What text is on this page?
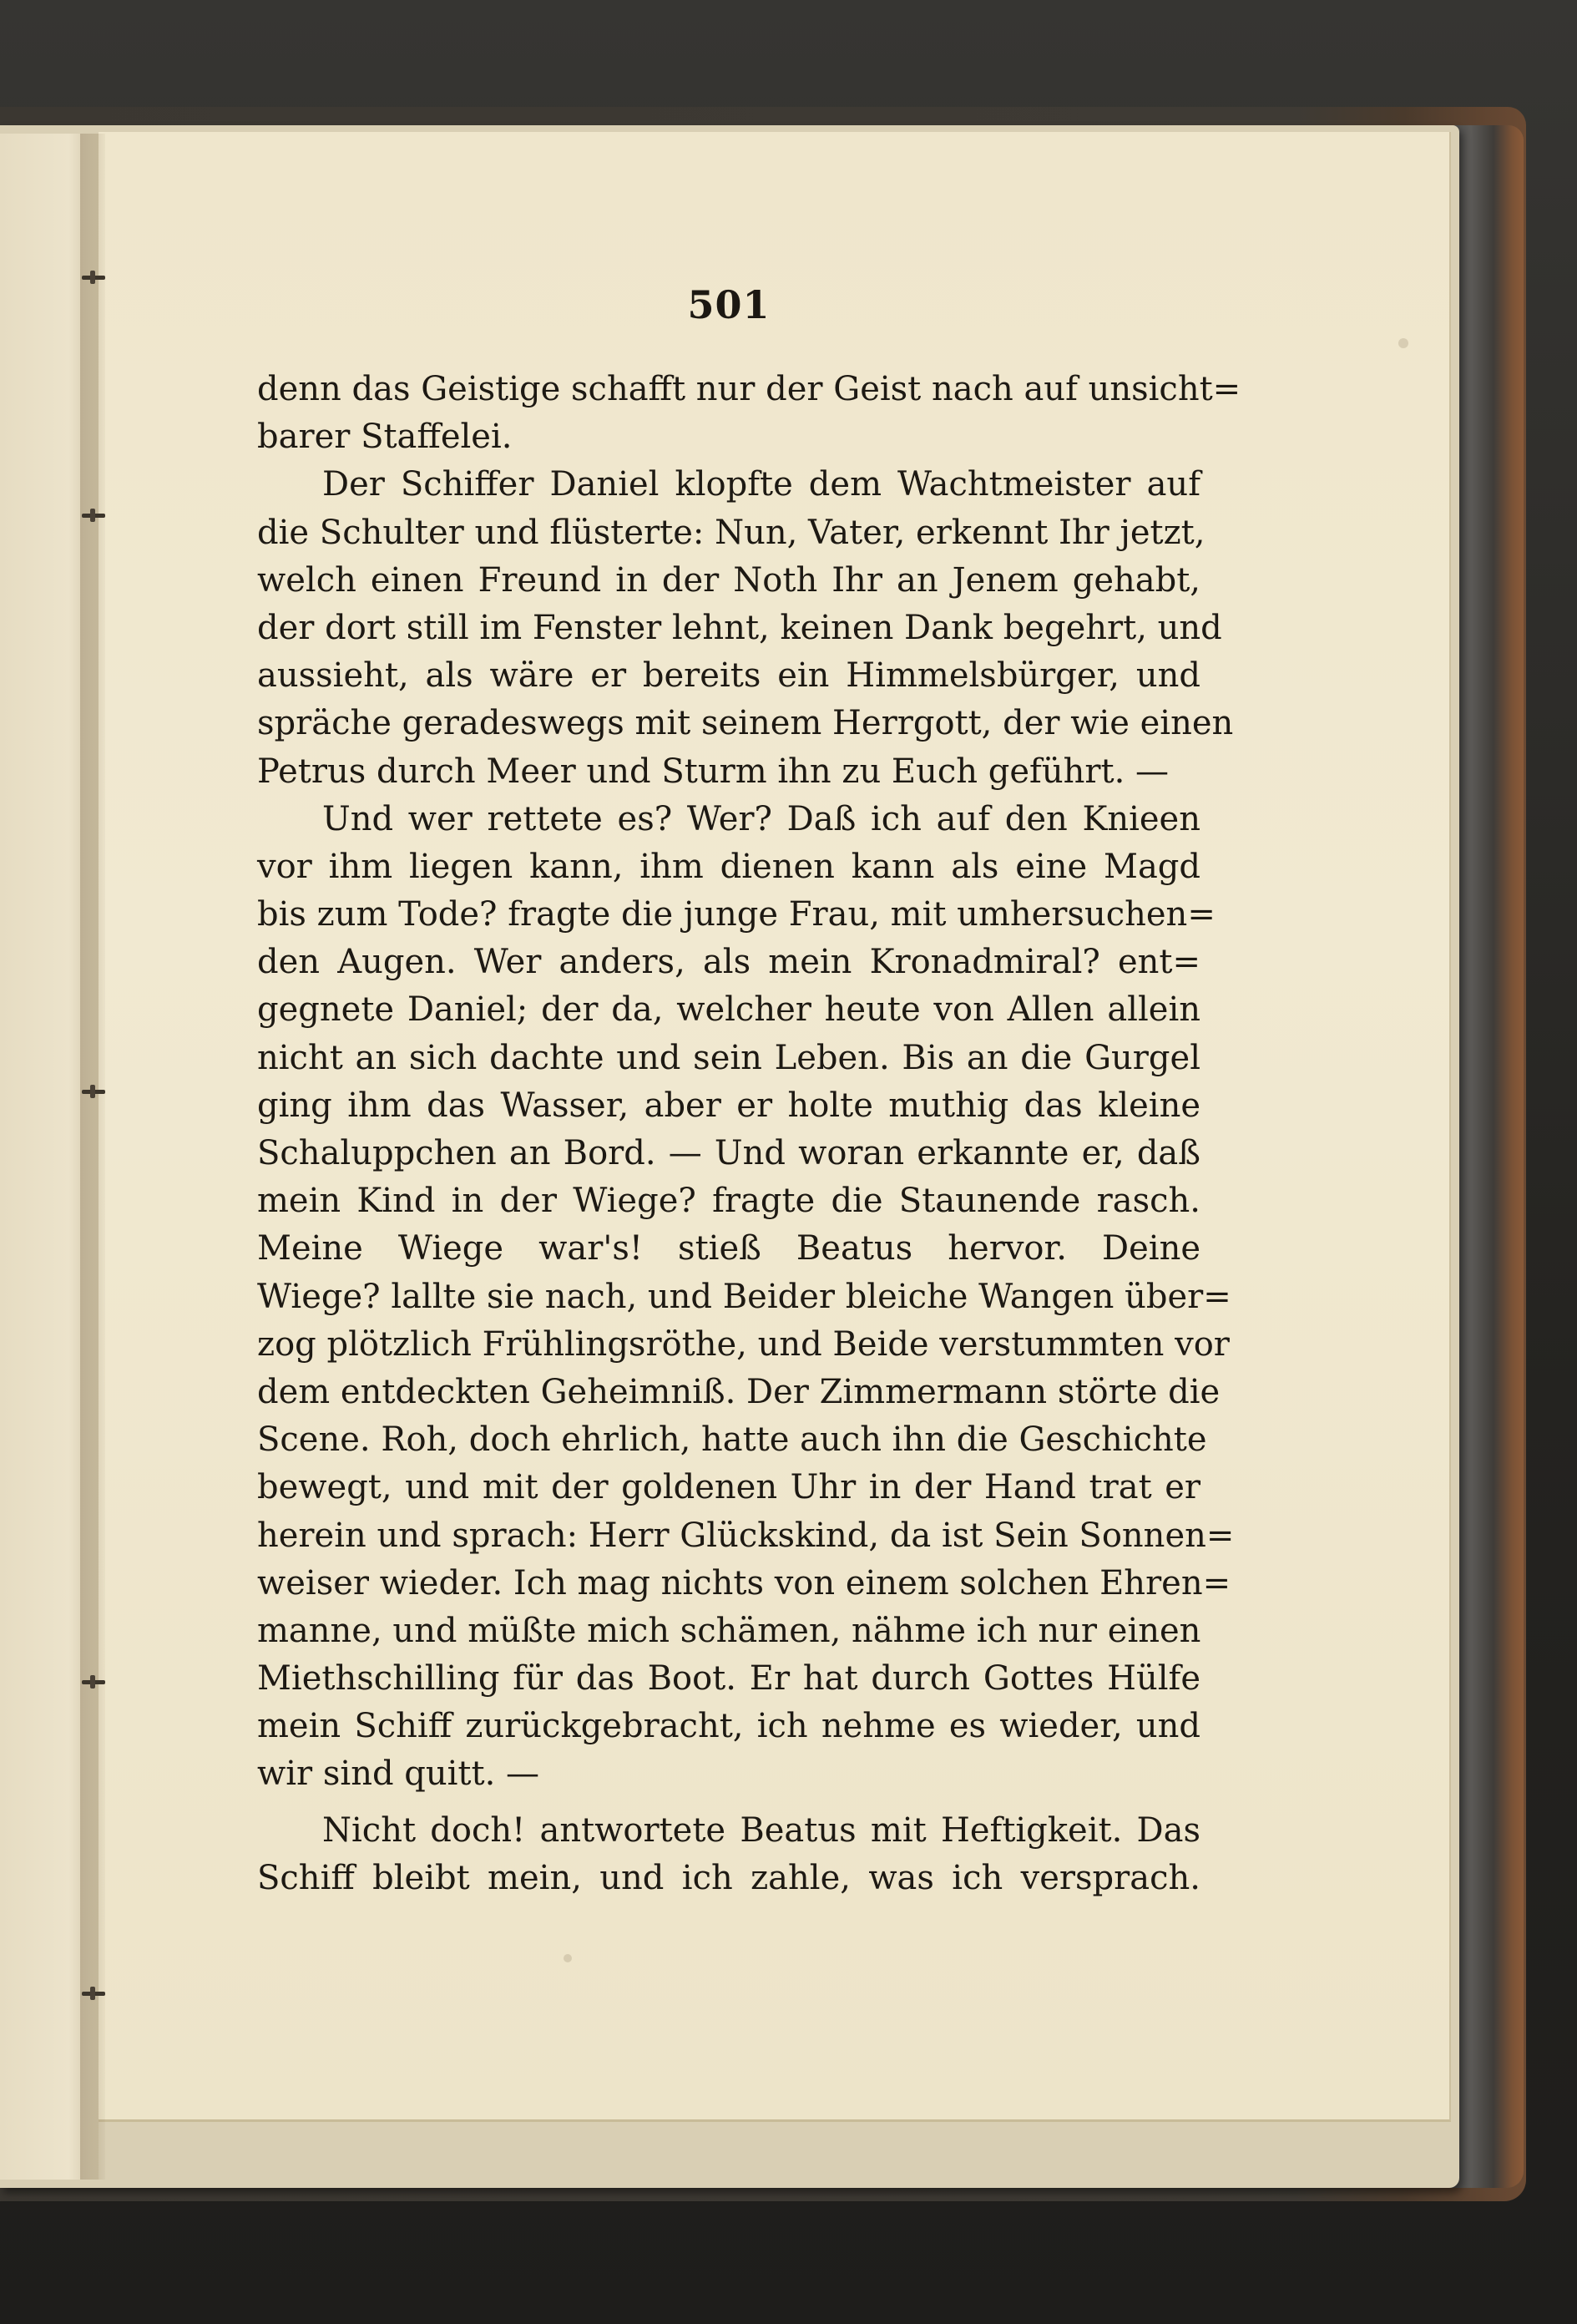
501
denn das Geistige schafft nur der Geist nach auf unsicht=
barer Staffelei.
Der Schiffer Daniel klopfte dem Wachtmeister auf
die Schulter und flüsterte: Nun, Vater, erkennt Ihr jetzt,
welch einen Freund in der Noth Ihr an Jenem gehabt,
der dort still im Fenster lehnt, keinen Dank begehrt, und
aussieht, als wäre er bereits ein Himmelsbürger, und
spräche geradeswegs mit seinem Herrgott, der wie einen
Petrus durch Meer und Sturm ihn zu Euch geführt. —
Und wer rettete es? Wer? Daß ich auf den Knieen
vor ihm liegen kann, ihm dienen kann als eine Magd
bis zum Tode? fragte die junge Frau, mit umhersuchen=
den Augen. Wer anders, als mein Kronadmiral? ent=
gegnete Daniel; der da, welcher heute von Allen allein
nicht an sich dachte und sein Leben. Bis an die Gurgel
ging ihm das Wasser, aber er holte muthig das kleine
Schaluppchen an Bord. — Und woran erkannte er, daß
mein Kind in der Wiege? fragte die Staunende rasch.
Meine Wiege war's! stieß Beatus hervor. Deine
Wiege? lallte sie nach, und Beider bleiche Wangen über=
zog plötzlich Frühlingsröthe, und Beide verstummten vor
dem entdeckten Geheimniß. Der Zimmermann störte die
Scene. Roh, doch ehrlich, hatte auch ihn die Geschichte
bewegt, und mit der goldenen Uhr in der Hand trat er
herein und sprach: Herr Glückskind, da ist Sein Sonnen=
weiser wieder. Ich mag nichts von einem solchen Ehren=
manne, und müßte mich schämen, nähme ich nur einen
Miethschilling für das Boot. Er hat durch Gottes Hülfe
mein Schiff zurückgebracht, ich nehme es wieder, und
wir sind quitt. —
Nicht doch! antwortete Beatus mit Heftigkeit. Das
Schiff bleibt mein, und ich zahle, was ich versprach.
